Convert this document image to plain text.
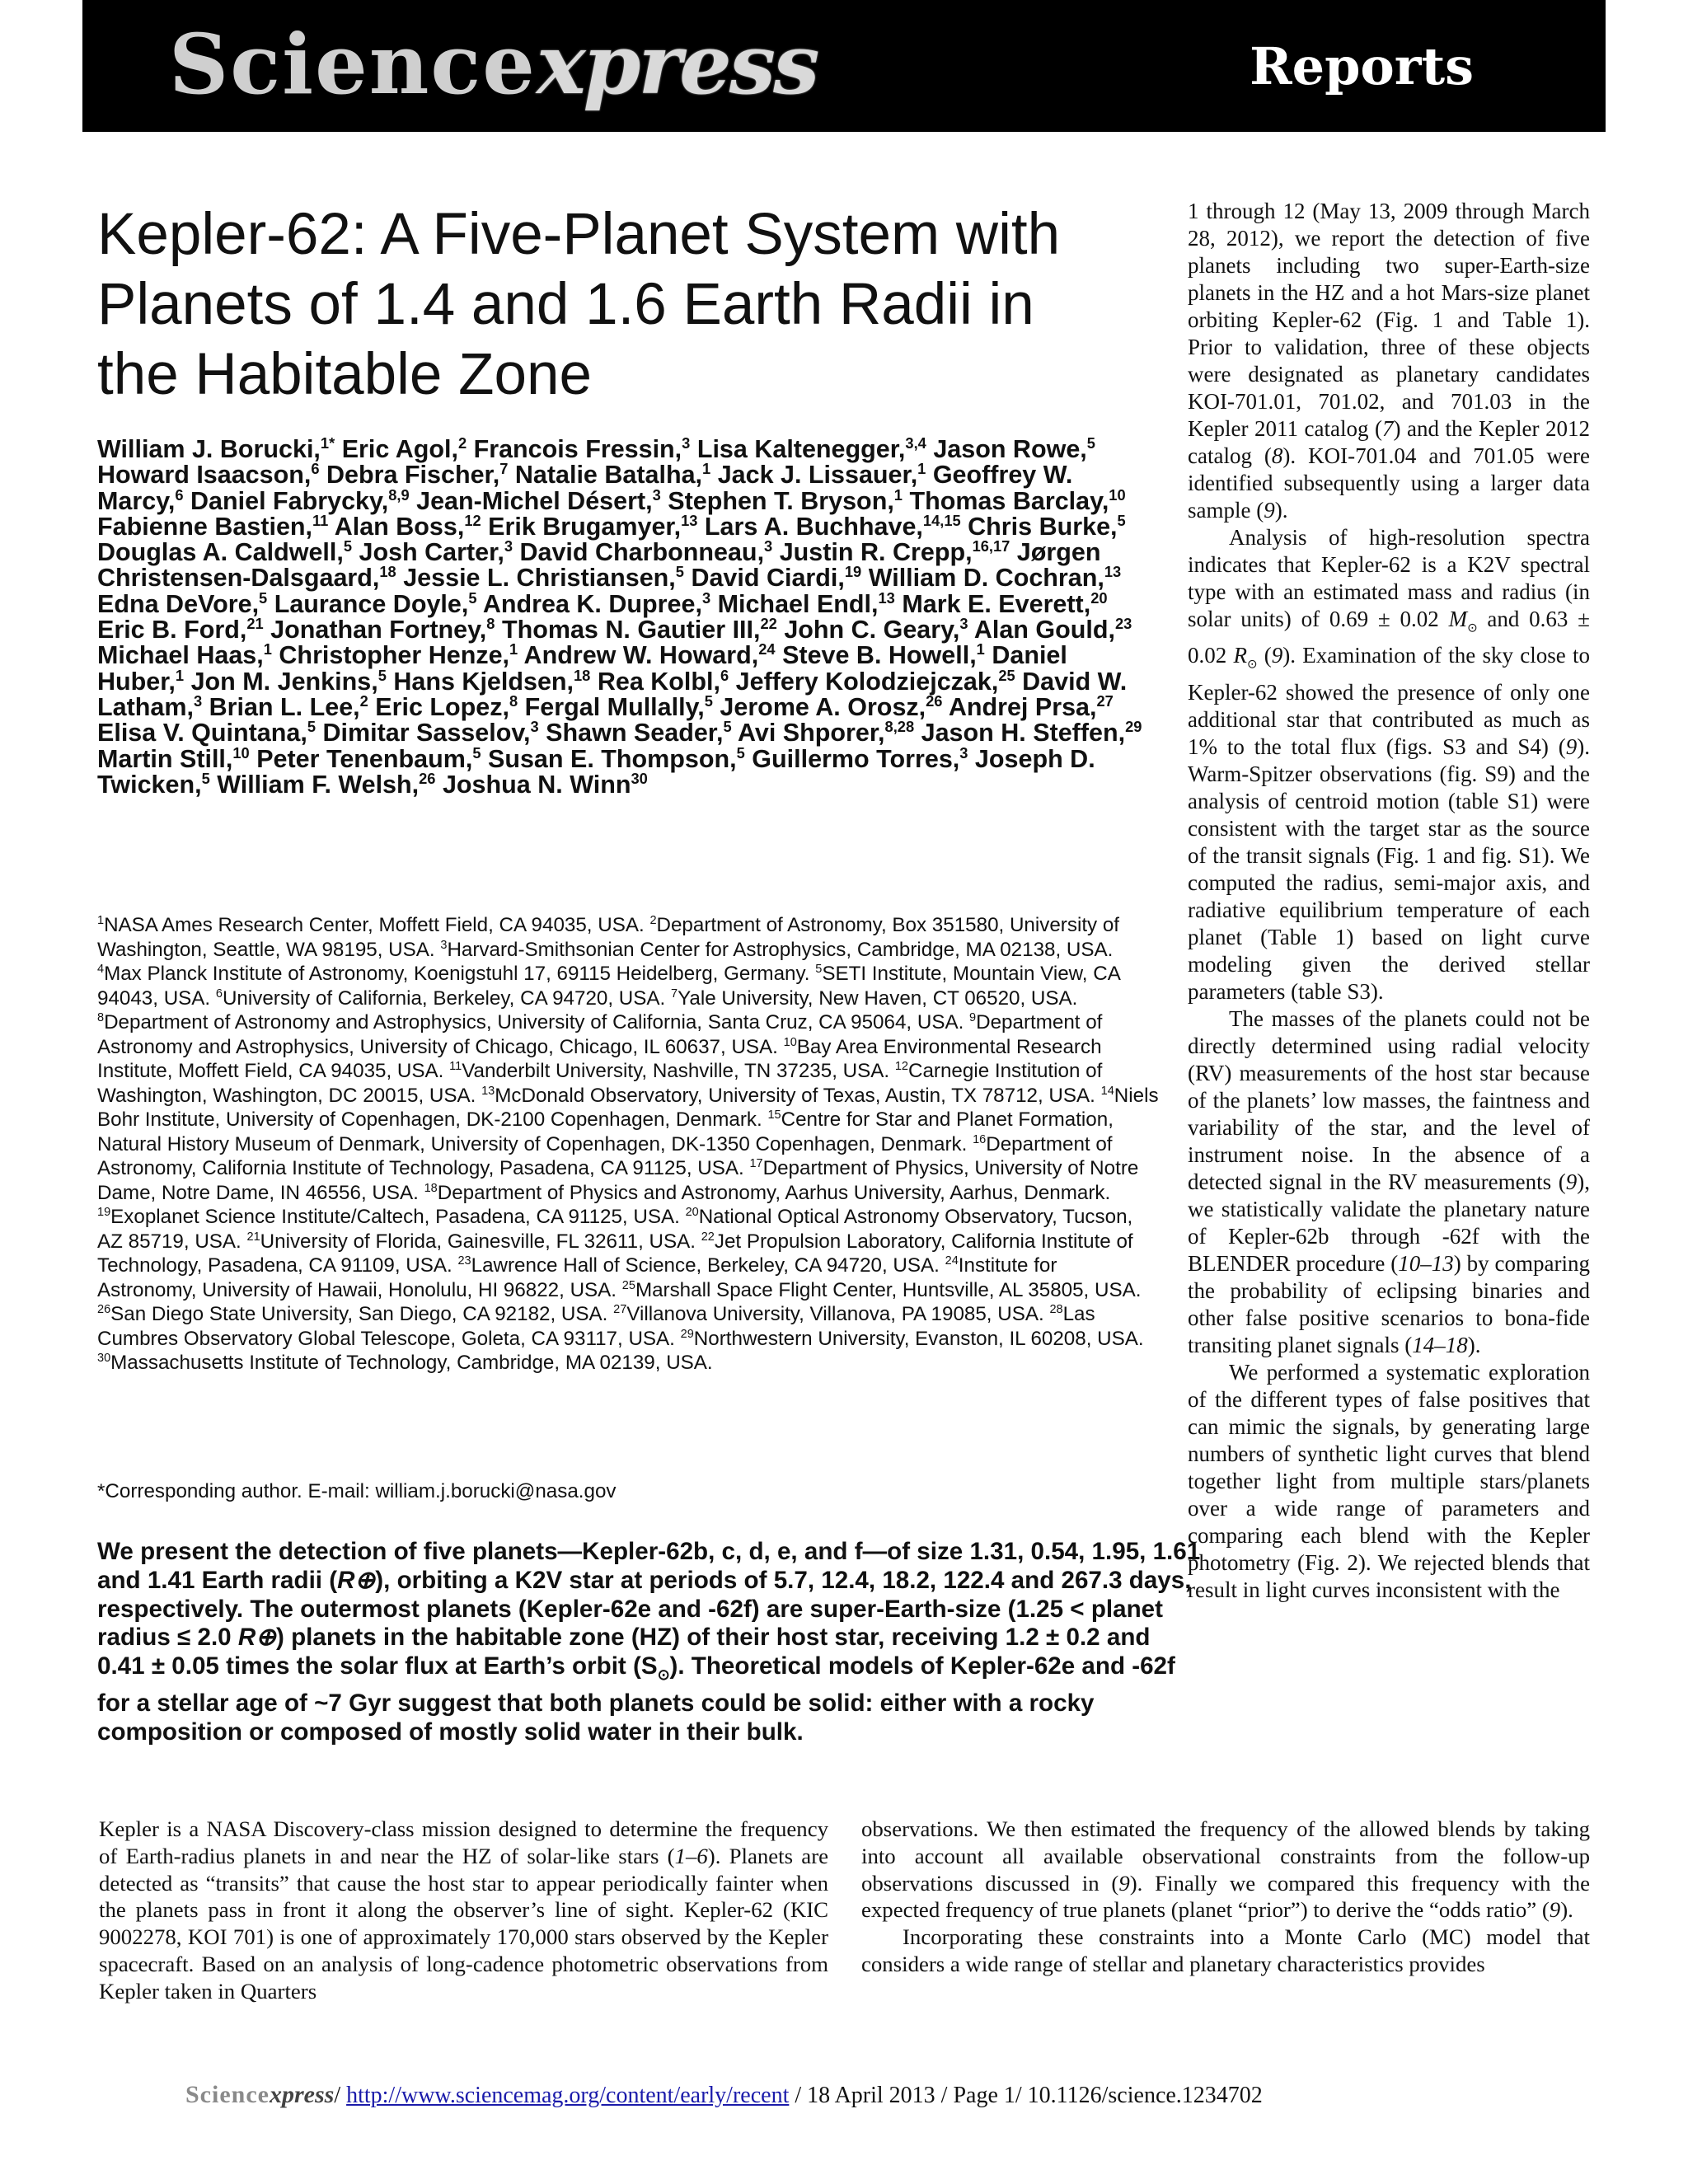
Sciencexpress	Reports
Kepler-62: A Five-Planet System with Planets of 1.4 and 1.6 Earth Radii in the Habitable Zone
William J. Borucki,$^{1*}$ Eric Agol,$^2$ Francois Fressin,$^3$ Lisa Kaltenegger,$^{3,4}$ Jason Rowe,$^5$ Howard Isaacson,$^6$ Debra Fischer,$^7$ Natalie Batalha,$^1$ Jack J. Lissauer,$^1$ Geoffrey W. Marcy,$^6$ Daniel Fabrycky,$^{8,9}$ Jean-Michel Désert,$^3$ Stephen T. Bryson,$^1$ Thomas Barclay,$^{10}$ Fabienne Bastien,$^{11}$ Alan Boss,$^{12}$ Erik Brugamyer,$^{13}$ Lars A. Buchhave,$^{14,15}$ Chris Burke,$^5$ Douglas A. Caldwell,$^5$ Josh Carter,$^3$ David Charbonneau,$^3$ Justin R. Crepp,$^{16,17}$ Jørgen Christensen-Dalsgaard,$^{18}$ Jessie L. Christiansen,$^5$ David Ciardi,$^{19}$ William D. Cochran,$^{13}$ Edna DeVore,$^5$ Laurance Doyle,$^5$ Andrea K. Dupree,$^3$ Michael Endl,$^{13}$ Mark E. Everett,$^{20}$ Eric B. Ford,$^{21}$ Jonathan Fortney,$^8$ Thomas N. Gautier III,$^{22}$ John C. Geary,$^3$ Alan Gould,$^{23}$ Michael Haas,$^1$ Christopher Henze,$^1$ Andrew W. Howard,$^{24}$ Steve B. Howell,$^1$ Daniel Huber,$^1$ Jon M. Jenkins,$^5$ Hans Kjeldsen,$^{18}$ Rea Kolbl,$^6$ Jeffery Kolodziejczak,$^{25}$ David W. Latham,$^3$ Brian L. Lee,$^2$ Eric Lopez,$^8$ Fergal Mullally,$^5$ Jerome A. Orosz,$^{26}$ Andrej Prsa,$^{27}$ Elisa V. Quintana,$^5$ Dimitar Sasselov,$^3$ Shawn Seader,$^5$ Avi Shporer,$^{8,28}$ Jason H. Steffen,$^{29}$ Martin Still,$^{10}$ Peter Tenenbaum,$^5$ Susan E. Thompson,$^5$ Guillermo Torres,$^3$ Joseph D. Twicken,$^5$ William F. Welsh,$^{26}$ Joshua N. Winn$^{30}$
$^1$NASA Ames Research Center, Moffett Field, CA 94035, USA. $^2$Department of Astronomy, Box 351580, University of Washington, Seattle, WA 98195, USA. $^3$Harvard-Smithsonian Center for Astrophysics, Cambridge, MA 02138, USA. $^4$Max Planck Institute of Astronomy, Koenigstuhl 17, 69115 Heidelberg, Germany. $^5$SETI Institute, Mountain View, CA 94043, USA. $^6$University of California, Berkeley, CA 94720, USA. $^7$Yale University, New Haven, CT 06520, USA. $^8$Department of Astronomy and Astrophysics, University of California, Santa Cruz, CA 95064, USA. $^9$Department of Astronomy and Astrophysics, University of Chicago, Chicago, IL 60637, USA. $^{10}$Bay Area Environmental Research Institute, Moffett Field, CA 94035, USA. $^{11}$Vanderbilt University, Nashville, TN 37235, USA. $^{12}$Carnegie Institution of Washington, Washington, DC 20015, USA. $^{13}$McDonald Observatory, University of Texas, Austin, TX 78712, USA. $^{14}$Niels Bohr Institute, University of Copenhagen, DK-2100 Copenhagen, Denmark. $^{15}$Centre for Star and Planet Formation, Natural History Museum of Denmark, University of Copenhagen, DK-1350 Copenhagen, Denmark. $^{16}$Department of Astronomy, California Institute of Technology, Pasadena, CA 91125, USA. $^{17}$Department of Physics, University of Notre Dame, Notre Dame, IN 46556, USA. $^{18}$Department of Physics and Astronomy, Aarhus University, Aarhus, Denmark. $^{19}$Exoplanet Science Institute/Caltech, Pasadena, CA 91125, USA. $^{20}$National Optical Astronomy Observatory, Tucson, AZ 85719, USA. $^{21}$University of Florida, Gainesville, FL 32611, USA. $^{22}$Jet Propulsion Laboratory, California Institute of Technology, Pasadena, CA 91109, USA. $^{23}$Lawrence Hall of Science, Berkeley, CA 94720, USA. $^{24}$Institute for Astronomy, University of Hawaii, Honolulu, HI 96822, USA. $^{25}$Marshall Space Flight Center, Huntsville, AL 35805, USA. $^{26}$San Diego State University, San Diego, CA 92182, USA. $^{27}$Villanova University, Villanova, PA 19085, USA. $^{28}$Las Cumbres Observatory Global Telescope, Goleta, CA 93117, USA. $^{29}$Northwestern University, Evanston, IL 60208, USA. $^{30}$Massachusetts Institute of Technology, Cambridge, MA 02139, USA.
*Corresponding author. E-mail: william.j.borucki@nasa.gov
We present the detection of five planets—Kepler-62b, c, d, e, and f—of size 1.31, 0.54, 1.95, 1.61 and 1.41 Earth radii (R⊕), orbiting a K2V star at periods of 5.7, 12.4, 18.2, 122.4 and 267.3 days, respectively. The outermost planets (Kepler-62e and -62f) are super-Earth-size (1.25 < planet radius ≤ 2.0 R⊕) planets in the habitable zone (HZ) of their host star, receiving 1.2 ± 0.2 and 0.41 ± 0.05 times the solar flux at Earth’s orbit $(S_⊙)$. Theoretical models of Kepler-62e and -62f for a stellar age of ~7 Gyr suggest that both planets could be solid: either with a rocky composition or composed of mostly solid water in their bulk.

1 through 12 (May 13, 2009 through March 28, 2012), we report the detection of five planets including two super-Earth-size planets in the HZ and a hot Mars-size planet orbiting Kepler-62 (Fig. 1 and Table 1). Prior to validation, three of these objects were designated as planetary candidates KOI-701.01, 701.02, and 701.03 in the Kepler 2011 catalog (7) and the Kepler 2012 catalog (8). KOI-701.04 and 701.05 were identified subsequently using a larger data sample (9).

Analysis of high-resolution spectra indicates that Kepler-62 is a K2V spectral type with an estimated mass and radius (in solar units) of 0.69 ± 0.02 $M_⊙$ and 0.63 ± 0.02 $R_⊙$ (9). Examination of the sky close to Kepler-62 showed the presence of only one additional star that contributed as much as 1% to the total flux (figs. S3 and S4) (9). Warm-Spitzer observations (fig. S9) and the analysis of centroid motion (table S1) were consistent with the target star as the source of the transit signals (Fig. 1 and fig. S1). We computed the radius, semi-major axis, and radiative equilibrium temperature of each planet (Table 1) based on light curve modeling given the derived stellar parameters (table S3).

The masses of the planets could not be directly determined using radial velocity (RV) measurements of the host star because of the planets’ low masses, the faintness and variability of the star, and the level of instrument noise. In the absence of a detected signal in the RV measurements (9), we statistically validate the planetary nature of Kepler-62b through -62f with the BLENDER procedure (10–13) by comparing the probability of eclipsing binaries and other false positive scenarios to bona-fide transiting planet signals (14–18).

We performed a systematic exploration of the different types of false positives that can mimic the signals, by generating large numbers of synthetic light curves that blend together light from multiple stars/planets over a wide range of parameters and comparing each blend with the Kepler photometry (Fig. 2). We rejected blends that result in light curves inconsistent with the

Kepler is a NASA Discovery-class mission designed to determine the frequency of Earth-radius planets in and near the HZ of solar-like stars (1–6). Planets are detected as “transits” that cause the host star to appear periodically fainter when the planets pass in front it along the observer’s line of sight. Kepler-62 (KIC 9002278, KOI 701) is one of approximately 170,000 stars observed by the Kepler spacecraft. Based on an analysis of long-cadence photometric observations from Kepler taken in Quarters

observations. We then estimated the frequency of the allowed blends by taking into account all available observational constraints from the follow-up observations discussed in (9). Finally we compared this frequency with the expected frequency of true planets (planet “prior”) to derive the “odds ratio” (9).

Incorporating these constraints into a Monte Carlo (MC) model that considers a wide range of stellar and planetary characteristics provides

Sciencexpress/ http://www.sciencemag.org/content/early/recent / 18 April 2013 / Page 1/ 10.1126/science.1234702
